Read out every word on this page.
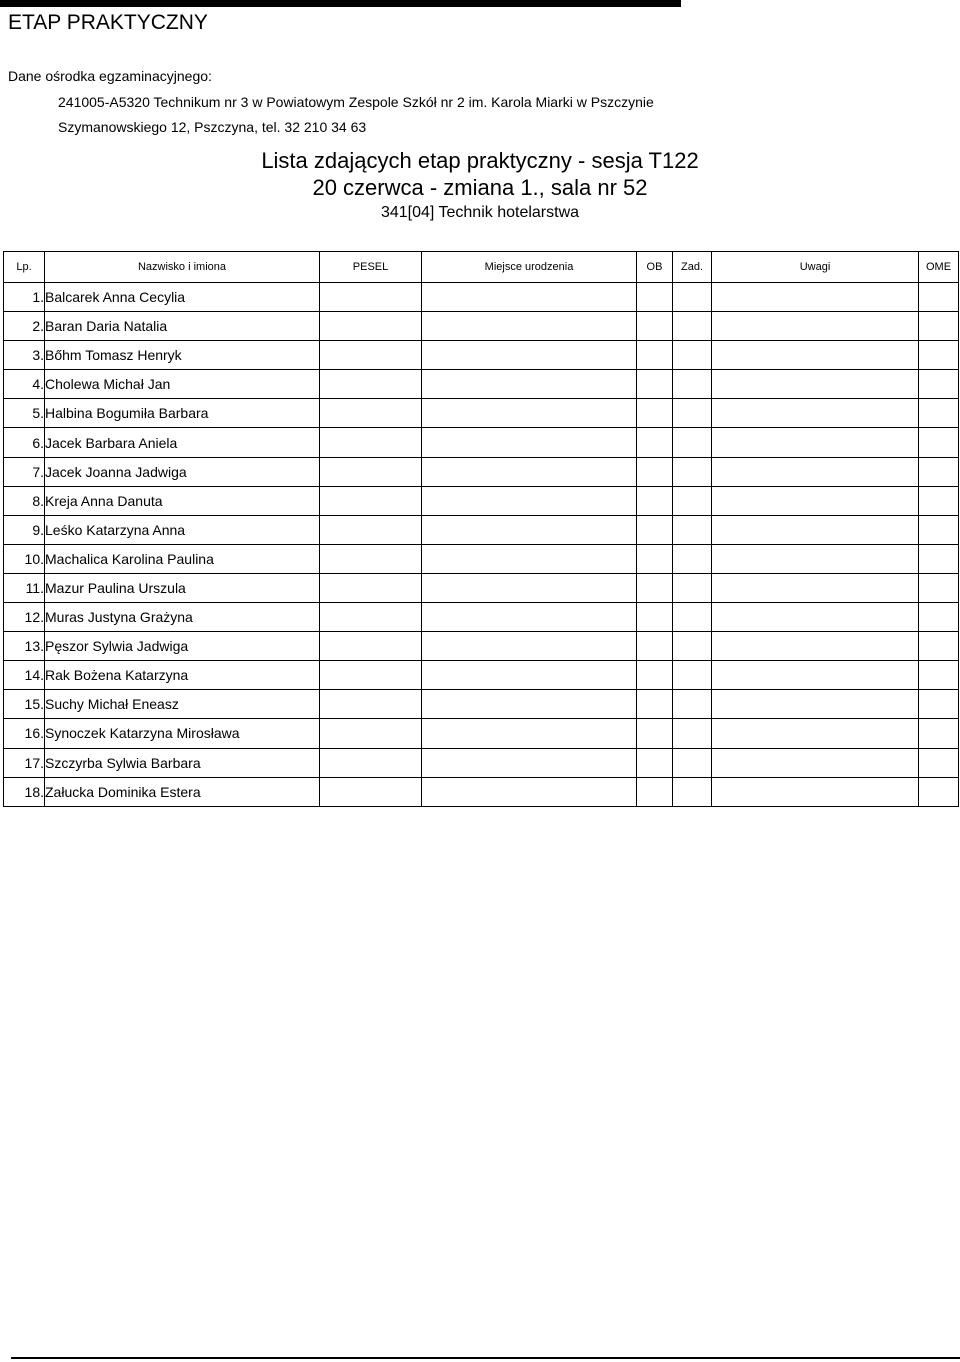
ETAP PRAKTYCZNY
Dane ośrodka egzaminacyjnego:
241005-A5320 Technikum nr 3 w Powiatowym Zespole Szkół nr 2 im. Karola Miarki w Pszczynie
Szymanowskiego 12, Pszczyna, tel. 32 210 34 63
Lista zdających etap praktyczny - sesja T122
20 czerwca - zmiana 1., sala nr 52
341[04] Technik hotelarstwa
Lp.	Nazwisko i imiona	PESEL	Miejsce urodzenia	OB	Zad.	Uwagi	OME
1.	Balcarek Anna Cecylia						
2.	Baran Daria Natalia						
3.	Bőhm Tomasz Henryk						
4.	Cholewa Michał Jan						
5.	Halbina Bogumiła Barbara						
6.	Jacek Barbara Aniela						
7.	Jacek Joanna Jadwiga						
8.	Kreja Anna Danuta						
9.	Leśko Katarzyna Anna						
10.	Machalica Karolina Paulina						
11.	Mazur Paulina Urszula						
12.	Muras Justyna Grażyna						
13.	Pęszor Sylwia Jadwiga						
14.	Rak Bożena Katarzyna						
15.	Suchy Michał Eneasz						
16.	Synoczek Katarzyna Mirosława						
17.	Szczyrba Sylwia Barbara						
18.	Załucka Dominika Estera						
